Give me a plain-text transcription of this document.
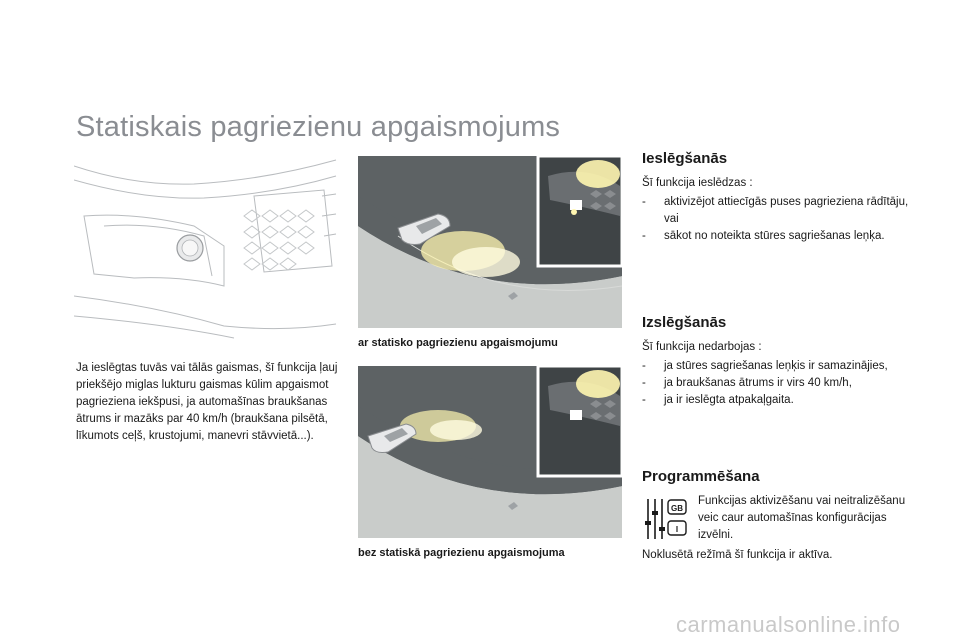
Statiskais pagriezienu apgaismojums
ar statisko pagriezienu apgaismojumu
bez statiskā pagriezienu apgaismojuma

Ja ieslēgtas tuvās vai tālās gaismas, šī funkcija ļauj priekšējo miglas lukturu gaismas kūlim apgaismot pagrieziena iekšpusi, ja automašīnas braukšanas ātrums ir mazāks par 40 km/h (braukšana pilsētā, līkumots ceļš, krustojumi, manevri stāvvietā...).

Ieslēgšanās

Šī funkcija ieslēdzas :

- aktivizējot attiecīgās puses pagrieziena rādītāju,
vai
- sākot no noteikta stūres sagriešanas leņķa.
Izslēgšanās

Šī funkcija nedarbojas :

- ja stūres sagriešanas leņķis ir samazinājies,
- ja braukšanas ātrums ir virs 40 km/h,
- ja ir ieslēgta atpakaļgaita.
Programmēšana
GB
I

Funkcijas aktivizēšanu vai neitralizēšanu veic caur automašīnas konfigurācijas izvēlni.

Noklusētā režīmā šī funkcija ir aktīva.
carmanualsonline.info
